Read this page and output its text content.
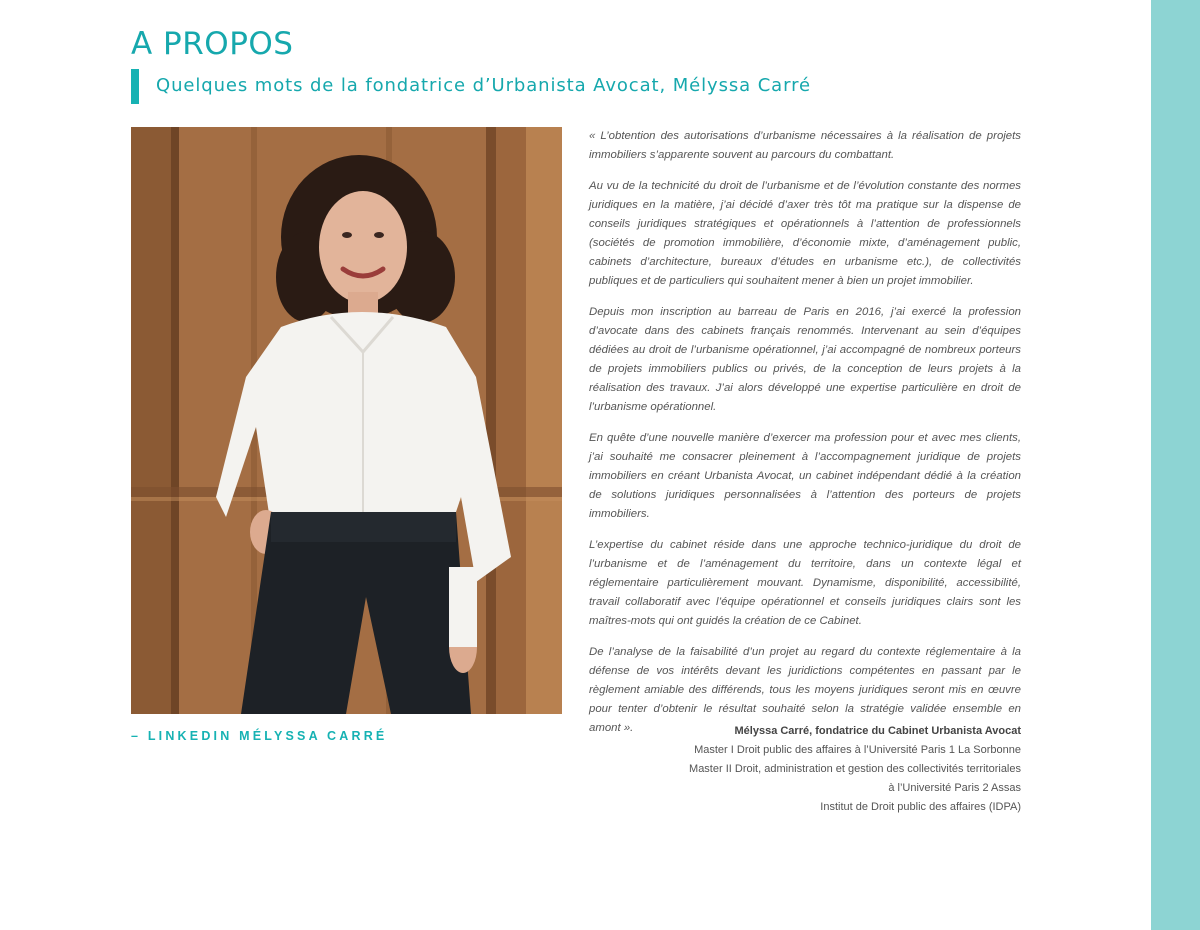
A PROPOS
Quelques mots de la fondatrice d’Urbanista Avocat, Mélyssa Carré

– LINKEDIN MÉLYSSA CARRÉ

« L’obtention des autorisations d’urbanisme nécessaires à la réalisation de projets immobiliers s’apparente souvent au parcours du combattant.

Au vu de la technicité du droit de l’urbanisme et de l’évolution constante des normes juridiques en la matière, j’ai décidé d’axer très tôt ma pratique sur la dispense de conseils juridiques stratégiques et opérationnels à l’attention de professionnels (sociétés de promotion immobilière, d’économie mixte, d’aménagement public, cabinets d’architecture, bureaux d’études en urbanisme etc.), de collectivités publiques et de particuliers qui souhaitent mener à bien un projet immobilier.

Depuis mon inscription au barreau de Paris en 2016, j’ai exercé la profession d’avocate dans des cabinets français renommés. Intervenant au sein d’équipes dédiées au droit de l’urbanisme opérationnel, j’ai accompagné de nombreux porteurs de projets immobiliers publics ou privés, de la conception de leurs projets à la réalisation des travaux. J’ai alors développé une expertise particulière en droit de l’urbanisme opérationnel.

En quête d’une nouvelle manière d’exercer ma profession pour et avec mes clients, j’ai souhaité me consacrer pleinement à l’accompagnement juridique de projets immobiliers en créant Urbanista Avocat, un cabinet indépendant dédié à la création de solutions juridiques personnalisées à l’attention des porteurs de projets immobiliers.

L’expertise du cabinet réside dans une approche technico-juridique du droit de l’urbanisme et de l’aménagement du territoire, dans un contexte légal et réglementaire particulièrement mouvant. Dynamisme, disponibilité, accessibilité, travail collaboratif avec l’équipe opérationnel et conseils juridiques clairs sont les maîtres-mots qui ont guidés la création de ce Cabinet.

De l’analyse de la faisabilité d’un projet au regard du contexte réglementaire à la défense de vos intérêts devant les juridictions compétentes en passant par le règlement amiable des différends, tous les moyens juridiques seront mis en œuvre pour tenter d’obtenir le résultat souhaité selon la stratégie validée ensemble en amont ».	Mélyssa Carré, fondatrice du Cabinet Urbanista Avocat
Master I Droit public des affaires à l’Université Paris 1 La Sorbonne
Master II Droit, administration et gestion des collectivités territoriales
à l’Université Paris 2 Assas
Institut de Droit public des affaires (IDPA)
